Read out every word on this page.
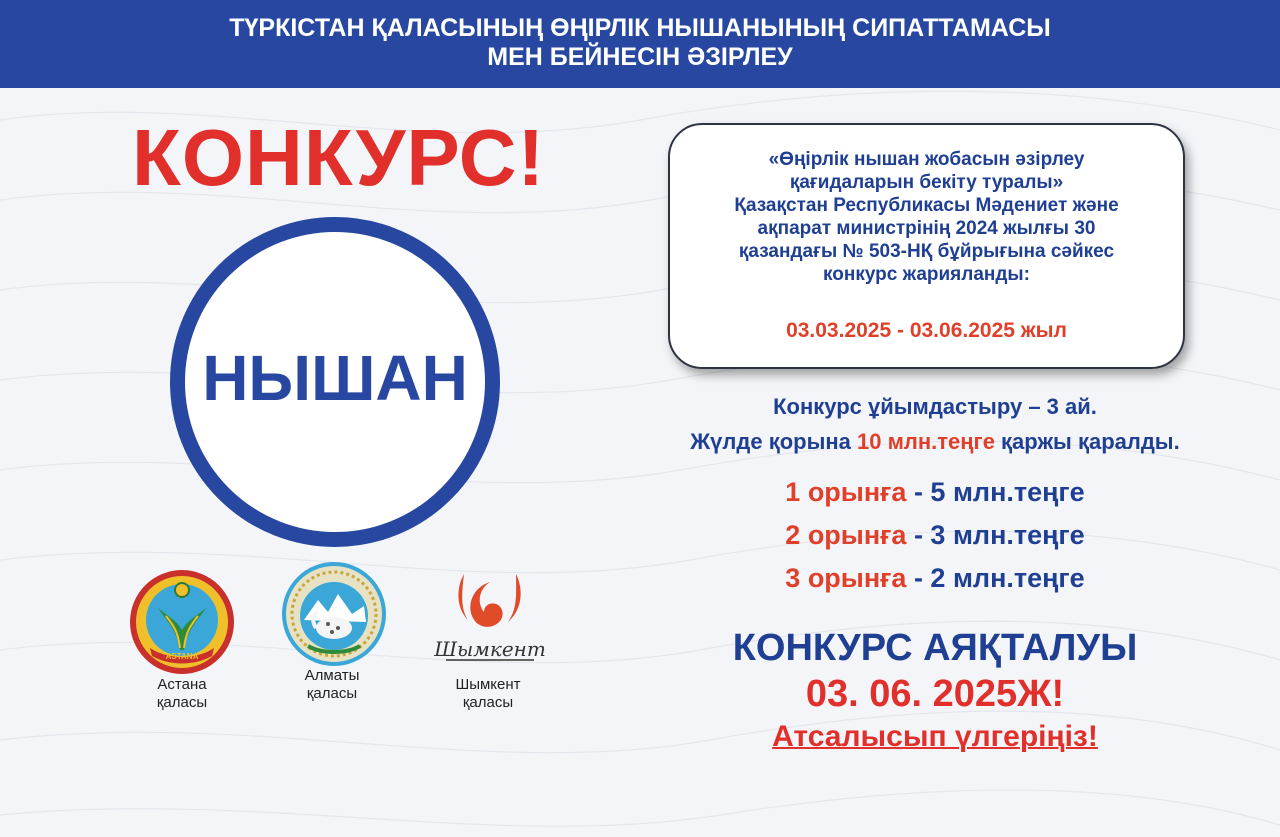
ТҮРКІСТАН ҚАЛАСЫНЫҢ ӨҢІРЛІК НЫШАНЫНЫҢ СИПАТТАМАСЫ
МЕН БЕЙНЕСІН ӘЗІРЛЕУ
КОНКУРС!
НЫШАН
ASTANA
Астана
қаласы
Алматы
қаласы
Шымкент
Шымкент
қаласы
«Өңірлік нышан жобасын әзірлеу
қағидаларын бекіту туралы»
Қазақстан Республикасы Мәдениет және
ақпарат министрінің 2024 жылғы 30
қазандағы № 503-НҚ бұйрығына сәйкес
конкурс жарияланды:
03.03.2025 - 03.06.2025 жыл
Конкурс ұйымдастыру – 3 ай.
Жүлде қорына 10 млн.теңге қаржы қаралды.
1 орынға - 5 млн.теңге
2 орынға - 3 млн.теңге
3 орынға - 2 млн.теңге
КОНКУРС АЯҚТАЛУЫ
03. 06. 2025Ж!
Атсалысып үлгеріңіз!
